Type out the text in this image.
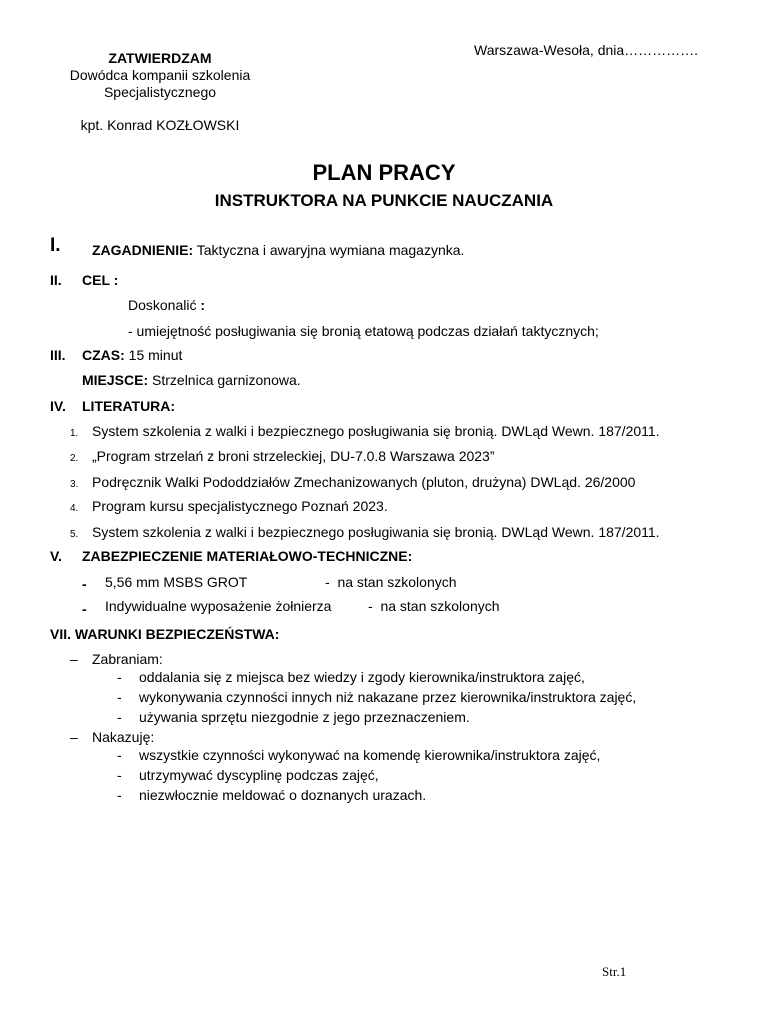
ZATWIERDZAM
Dowódca kompanii szkolenia
Specjalistycznego
kpt. Konrad KOZŁOWSKI
Warszawa-Wesoła, dnia…………….
PLAN PRACY
INSTRUKTORA NA PUNKCIE NAUCZANIA
I. ZAGADNIENIE: Taktyczna i awaryjna wymiana magazynka.
II. CEL :
Doskonalić :
- umiejętność posługiwania się bronią etatową podczas działań taktycznych;
III. CZAS: 15 minut
MIEJSCE: Strzelnica garnizonowa.
IV. LITERATURA:
1. System szkolenia z walki i bezpiecznego posługiwania się bronią. DWLąd Wewn. 187/2011.
2. „Program strzelań z broni strzeleckiej, DU-7.0.8 Warszawa 2023”
3. Podręcznik Walki Pododdziałów Zmechanizowanych (pluton, drużyna) DWLąd. 26/2000
4. Program kursu specjalistycznego Poznań 2023.
5. System szkolenia z walki i bezpiecznego posługiwania się bronią. DWLąd Wewn. 187/2011.
V. ZABEZPIECZENIE MATERIAŁOWO-TECHNICZNE:
- 5,56 mm MSBS GROT	- na stan szkolonych
- Indywidualne wyposażenie żołnierza	- na stan szkolonych
VII. WARUNKI BEZPIECZEŃSTWA:
– Zabraniam:
- oddalania się z miejsca bez wiedzy i zgody kierownika/instruktora zajęć,
- wykonywania czynności innych niż nakazane przez kierownika/instruktora zajęć,
- używania sprzętu niezgodnie z jego przeznaczeniem.
– Nakazuję:
- wszystkie czynności wykonywać na komendę kierownika/instruktora zajęć,
- utrzymywać dyscyplinę podczas zajęć,
- niezwłocznie meldować o doznanych urazach.
Str.1
